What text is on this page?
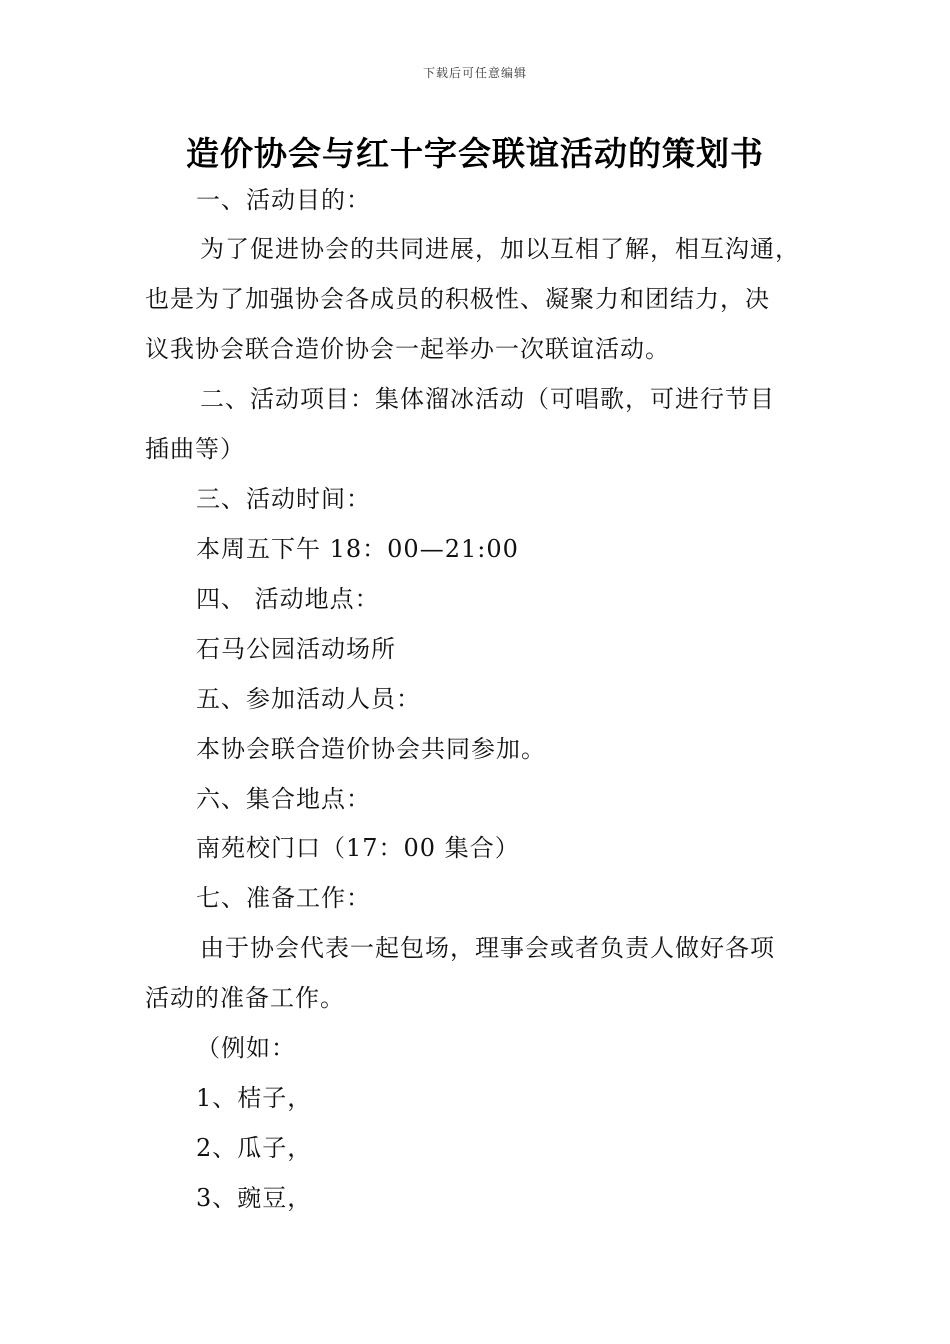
下载后可任意编辑
造价协会与红十字会联谊活动的策划书

一、活动目的：

为了促进协会的共同进展，加以互相了解，相互沟通，

也是为了加强协会各成员的积极性、凝聚力和团结力，决

议我协会联合造价协会一起举办一次联谊活动。

二、活动项目：集体溜冰活动（可唱歌，可进行节目

插曲等）

三、活动时间：

本周五下午 18：00—21:00

四、 活动地点：

石马公园活动场所

五、参加活动人员：

本协会联合造价协会共同参加。

六、集合地点：

南苑校门口（17：00 集合）

七、准备工作：

由于协会代表一起包场，理事会或者负责人做好各项

活动的准备工作。

（例如：

1、桔子，

2、瓜子，

3、豌豆，
